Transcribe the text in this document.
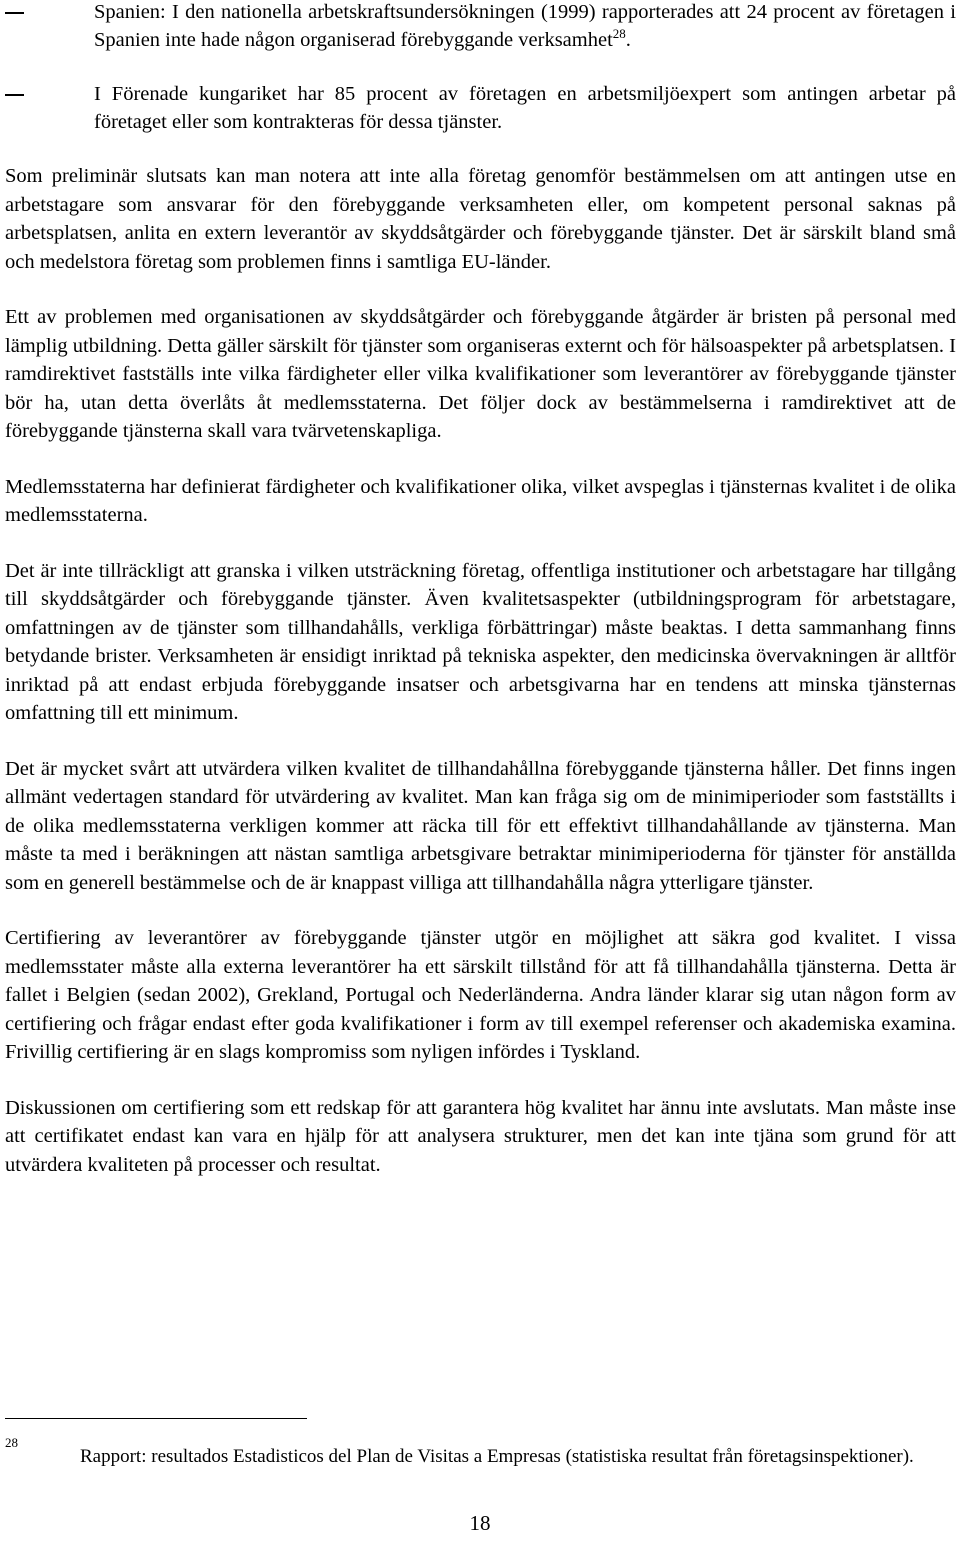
Spanien: I den nationella arbetskraftsundersökningen (1999) rapporterades att 24 procent av företagen i Spanien inte hade någon organiserad förebyggande verksamhet$^{28}$.
I Förenade kungariket har 85 procent av företagen en arbetsmiljöexpert som antingen arbetar på företaget eller som kontrakteras för dessa tjänster.

Som preliminär slutsats kan man notera att inte alla företag genomför bestämmelsen om att antingen utse en arbetstagare som ansvarar för den förebyggande verksamheten eller, om kompetent personal saknas på arbetsplatsen, anlita en extern leverantör av skyddsåtgärder och förebyggande tjänster. Det är särskilt bland små och medelstora företag som problemen finns i samtliga EU-länder.

Ett av problemen med organisationen av skyddsåtgärder och förebyggande åtgärder är bristen på personal med lämplig utbildning. Detta gäller särskilt för tjänster som organiseras externt och för hälsoaspekter på arbetsplatsen. I ramdirektivet fastställs inte vilka färdigheter eller vilka kvalifikationer som leverantörer av förebyggande tjänster bör ha, utan detta överlåts åt medlemsstaterna. Det följer dock av bestämmelserna i ramdirektivet att de förebyggande tjänsterna skall vara tvärvetenskapliga.

Medlemsstaterna har definierat färdigheter och kvalifikationer olika, vilket avspeglas i tjänsternas kvalitet i de olika medlemsstaterna.

Det är inte tillräckligt att granska i vilken utsträckning företag, offentliga institutioner och arbetstagare har tillgång till skyddsåtgärder och förebyggande tjänster. Även kvalitetsaspekter (utbildningsprogram för arbetstagare, omfattningen av de tjänster som tillhandahålls, verkliga förbättringar) måste beaktas. I detta sammanhang finns betydande brister. Verksamheten är ensidigt inriktad på tekniska aspekter, den medicinska övervakningen är alltför inriktad på att endast erbjuda förebyggande insatser och arbetsgivarna har en tendens att minska tjänsternas omfattning till ett minimum.

Det är mycket svårt att utvärdera vilken kvalitet de tillhandahållna förebyggande tjänsterna håller. Det finns ingen allmänt vedertagen standard för utvärdering av kvalitet. Man kan fråga sig om de minimiperioder som fastställts i de olika medlemsstaterna verkligen kommer att räcka till för ett effektivt tillhandahållande av tjänsterna. Man måste ta med i beräkningen att nästan samtliga arbetsgivare betraktar minimiperioderna för tjänster för anställda som en generell bestämmelse och de är knappast villiga att tillhandahålla några ytterligare tjänster.

Certifiering av leverantörer av förebyggande tjänster utgör en möjlighet att säkra god kvalitet. I vissa medlemsstater måste alla externa leverantörer ha ett särskilt tillstånd för att få tillhandahålla tjänsterna. Detta är fallet i Belgien (sedan 2002), Grekland, Portugal och Nederländerna. Andra länder klarar sig utan någon form av certifiering och frågar endast efter goda kvalifikationer i form av till exempel referenser och akademiska examina. Frivillig certifiering är en slags kompromiss som nyligen infördes i Tyskland.

Diskussionen om certifiering som ett redskap för att garantera hög kvalitet har ännu inte avslutats. Man måste inse att certifikatet endast kan vara en hjälp för att analysera strukturer, men det kan inte tjäna som grund för att utvärdera kvaliteten på processer och resultat.

28
Rapport: resultados Estadisticos del Plan de Visitas a Empresas (statistiska resultat från företagsinspektioner).
18
